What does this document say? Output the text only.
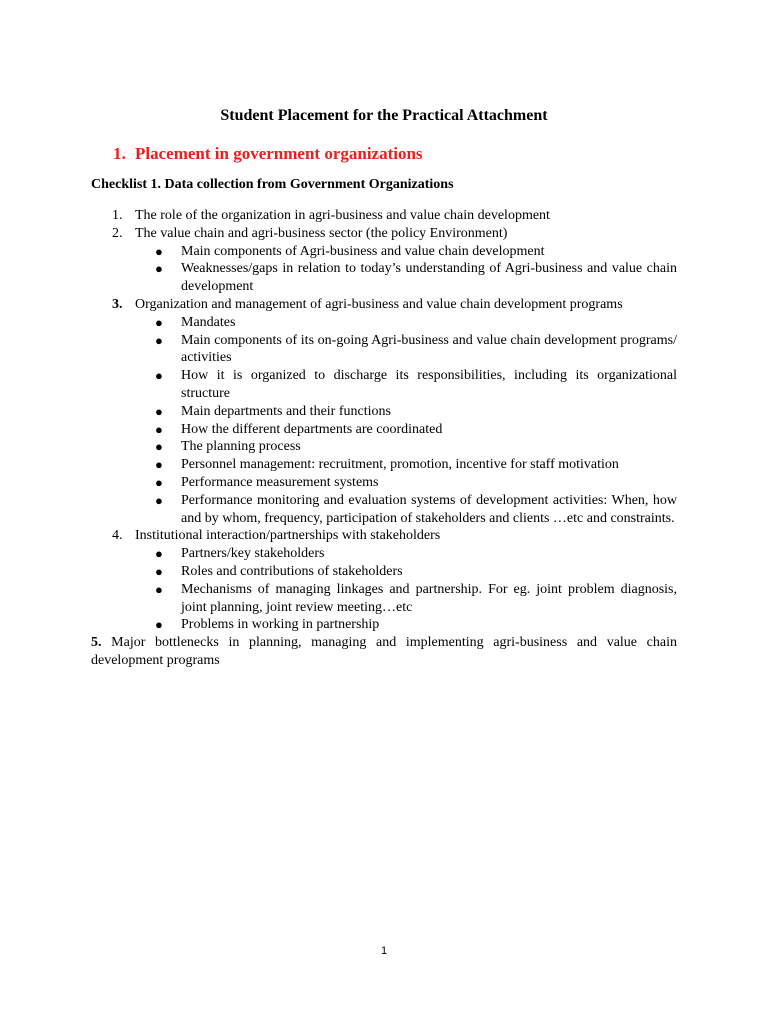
Student Placement for the Practical Attachment
1. Placement in government organizations
Checklist 1. Data collection from Government Organizations
1. The role of the organization in agri-business and value chain development
2. The value chain and agri-business sector (the policy Environment)
● Main components of Agri-business and value chain development
● Weaknesses/gaps in relation to today’s understanding of Agri-business and value chain development
3. Organization and management of agri-business and value chain development programs
● Mandates
● Main components of its on-going Agri-business and value chain development programs/ activities
● How it is organized to discharge its responsibilities, including its organizational structure
● Main departments and their functions
● How the different departments are coordinated
● The planning process
● Personnel management: recruitment, promotion, incentive for staff motivation
● Performance measurement systems
● Performance monitoring and evaluation systems of development activities: When, how and by whom, frequency, participation of stakeholders and clients …etc and constraints.
4. Institutional interaction/partnerships with stakeholders
● Partners/key stakeholders
● Roles and contributions of stakeholders
● Mechanisms of managing linkages and partnership. For eg. joint problem diagnosis, joint planning, joint review meeting…etc
● Problems in working in partnership
5. Major bottlenecks in planning, managing and implementing agri-business and value chain development programs
1
